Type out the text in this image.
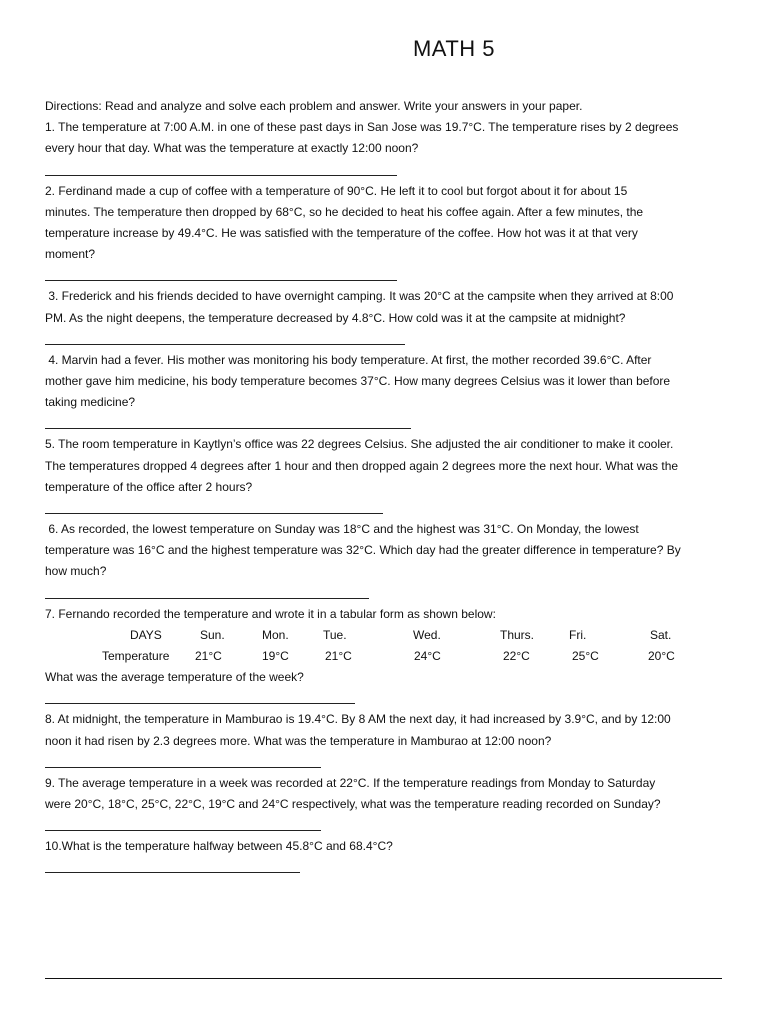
MATH 5
Directions: Read and analyze and solve each problem and answer. Write your answers in your paper.
1. The temperature at 7:00 A.M. in one of these past days in San Jose was 19.7°C. The temperature rises by 2 degrees
every hour that day. What was the temperature at exactly 12:00 noon?
2. Ferdinand made a cup of coffee with a temperature of 90°C. He left it to cool but forgot about it for about 15
minutes. The temperature then dropped by 68°C, so he decided to heat his coffee again. After a few minutes, the
temperature increase by 49.4°C. He was satisfied with the temperature of the coffee. How hot was it at that very
moment?
3. Frederick and his friends decided to have overnight camping. It was 20°C at the campsite when they arrived at 8:00
PM. As the night deepens, the temperature decreased by 4.8°C. How cold was it at the campsite at midnight?
4. Marvin had a fever. His mother was monitoring his body temperature. At first, the mother recorded 39.6°C. After
mother gave him medicine, his body temperature becomes 37°C. How many degrees Celsius was it lower than before
taking medicine?
5. The room temperature in Kaytlyn’s office was 22 degrees Celsius. She adjusted the air conditioner to make it cooler.
The temperatures dropped 4 degrees after 1 hour and then dropped again 2 degrees more the next hour. What was the
temperature of the office after 2 hours?
6. As recorded, the lowest temperature on Sunday was 18°C and the highest was 31°C. On Monday, the lowest
temperature was 16°C and the highest temperature was 32°C. Which day had the greater difference in temperature? By
how much?
7. Fernando recorded the temperature and wrote it in a tabular form as shown below:
DAYS	Sun.	Mon.	Tue.	Wed.	Thurs.	Fri.	Sat.
Temperature 21°C	19°C	21°C	24°C	22°C	25°C	20°C
What was the average temperature of the week?
8. At midnight, the temperature in Mamburao is 19.4°C. By 8 AM the next day, it had increased by 3.9°C, and by 12:00
noon it had risen by 2.3 degrees more. What was the temperature in Mamburao at 12:00 noon?
9. The average temperature in a week was recorded at 22°C. If the temperature readings from Monday to Saturday
were 20°C, 18°C, 25°C, 22°C, 19°C and 24°C respectively, what was the temperature reading recorded on Sunday?
10.What is the temperature halfway between 45.8°C and 68.4°C?
